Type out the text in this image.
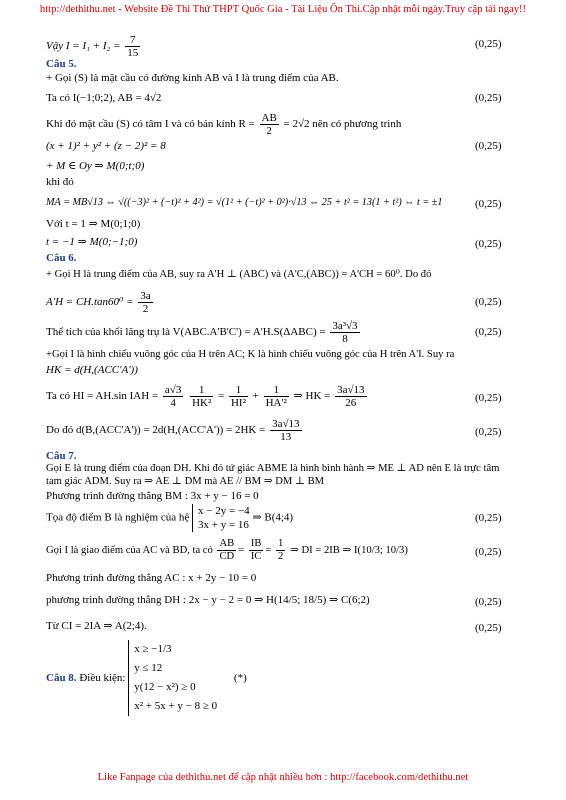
http://dethithu.net - Website Đề Thi Thử THPT Quốc Gia - Tài Liệu Ôn Thi.Cập nhật mỗi ngày.Truy cập tải ngay!!
Vậy $I = I_1 + I_2 = \frac{7}{15}$	(0,25)
Câu 5.
+ Gọi (S) là mặt cầu có đường kính AB và I là trung điểm của AB.
Ta có I(−1;0;2), AB = 4√2	(0,25)
Khi đó mặt cầu (S) có tâm I và có bán kính $R = \frac{AB}{2} = 2√2$ nên có phương trình
(x + 1)² + y² + (z − 2)² = 8	(0,25)
+ M ∈ Oy ⇒ M(0;t;0)
khi đó
MA = MB√13 ⇔ √((−3)² + (−t)² + 4²) = √(1² + (−t)² + 0²)·√13 ⇔ 25 + t² = 13(1 + t²) ⇔ t = ±1	(0,25)
Với t = 1 ⇒ M(0;1;0)
t = −1 ⇒ M(0;−1;0)	(0,25)
Câu 6.
+ Gọi H là trung điểm của AB, suy ra A'H ⊥ (ABC) và (A'C,(ABC)) = A'CH = 60⁰. Do đó
$A'H = CH.\tan 60^0 = \frac{3a}{2}$	(0,25)
Thể tích của khối lăng trụ là $V(ABC.A'B'C') = A'H.S(\Delta ABC) = \frac{\text{3a³√3}}{8}$	(0,25)
+Gọi I là hình chiếu vuông góc của H trên AC; K là hình chiếu vuông góc của H trên A'I. Suy ra
HK = d(H,(ACC'A'))
Ta có HI = AH.sin IAH = $\frac{a√3}{4}$
$\frac{1}{\text{HK²}} = \frac{1}{\text{HI²}} + \frac{1}{\text{HA'²}}$ ⇒ HK = $\frac{3a√13}{26}$	(0,25)
Do đó $d(B,(ACC'A')) = 2d(H,(ACC'A')) = 2HK = \frac{3a√13}{13}$	(0,25)
Câu 7.
Gọi E là trung điểm của đoạn DH. Khi đó tứ giác ABME là hình bình hành ⇒ ME ⊥ AD nên E là trực tâm tam giác ADM. Suy ra ⇒ AE ⊥ DM mà AE // BM ⇒ DM ⊥ BM
Phương trình đường thẳng BM : 3x + y − 16 = 0
Tọa độ điểm B là nghiệm của hệ x − 2y = −4
3x + y = 16 ⇒ B(4;4)	(0,25)
Gọi I là giao điểm của AC và BD, ta có $\frac{AB}{CD} = \frac{IB}{IC} = \frac{1}{2}$ ⇒ DI = 2IB ⇒ I(10/3; 10/3)	(0,25)
Phương trình đường thẳng AC : x + 2y − 10 = 0
phương trình đường thẳng DH : 2x − y − 2 = 0 ⇒ H(14/5; 18/5) ⇒ C(6;2)	(0,25)
Từ CI = 2IA ⇒ A(2;4).	(0,25)
Câu 8. Điều kiện: x ≥ −1/3
y ≤ 12
y(12 − x²) ≥ 0
x² + 5x + y − 8 ≥ 0 (*)
Like Fanpage của dethithu.net để cập nhật nhiều hơn : http://facebook.com/dethithu.net
